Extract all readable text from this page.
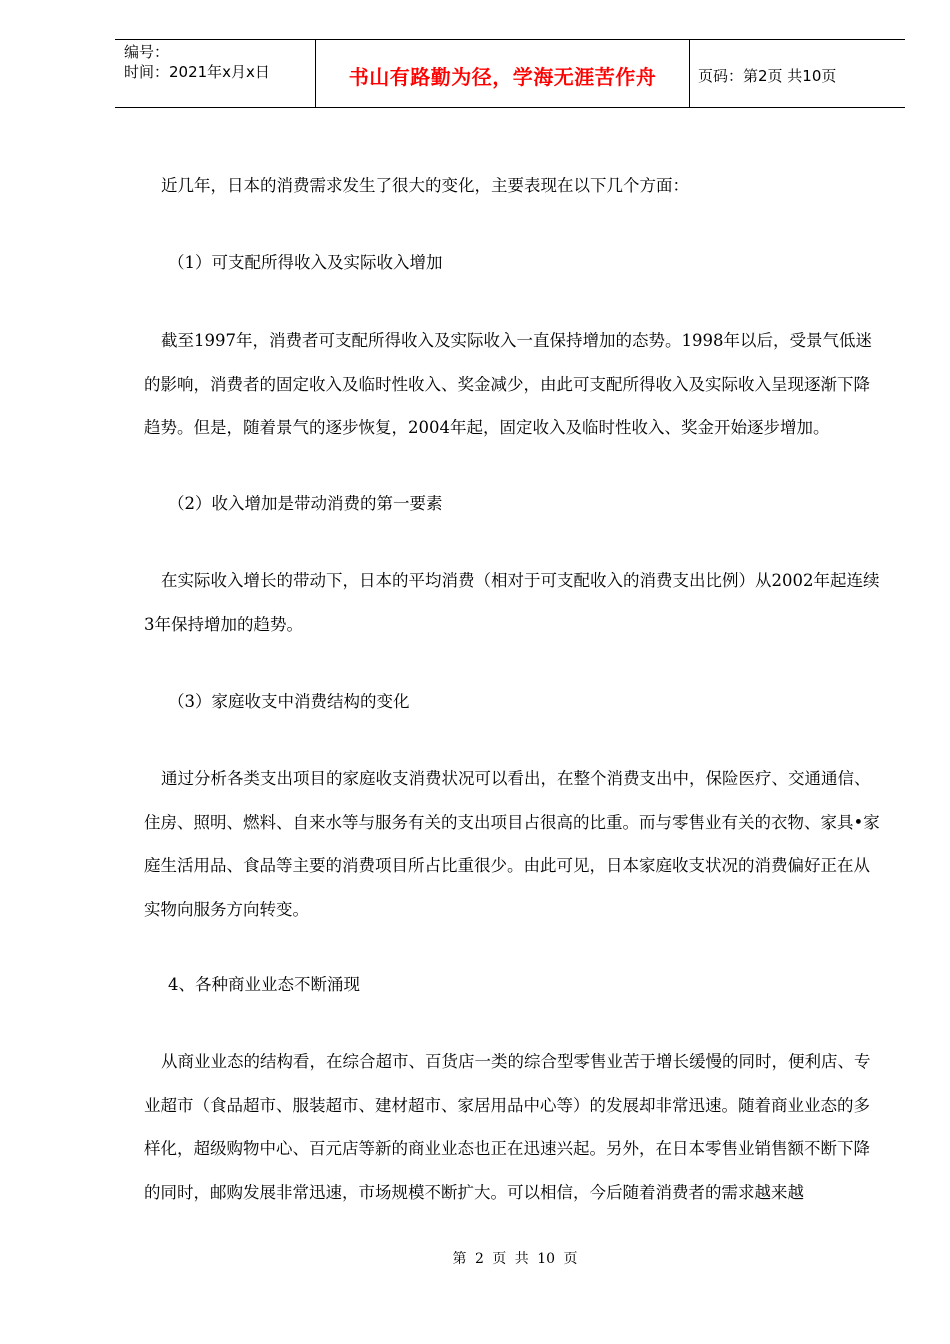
编号：
时间：2021年x月x日	书山有路勤为径，学海无涯苦作舟	页码：第2页 共10页

近几年，日本的消费需求发生了很大的变化，主要表现在以下几个方面：

（1）可支配所得收入及实际收入增加

截至1997年，消费者可支配所得收入及实际收入一直保持增加的态势。1998年以后，受景气低迷的影响，消费者的固定收入及临时性收入、奖金减少，由此可支配所得收入及实际收入呈现逐渐下降趋势。但是，随着景气的逐步恢复，2004年起，固定收入及临时性收入、奖金开始逐步增加。

（2）收入增加是带动消费的第一要素

在实际收入增长的带动下，日本的平均消费（相对于可支配收入的消费支出比例）从2002年起连续3年保持增加的趋势。

（3）家庭收支中消费结构的变化

通过分析各类支出项目的家庭收支消费状况可以看出，在整个消费支出中，保险医疗、交通通信、住房、照明、燃料、自来水等与服务有关的支出项目占很高的比重。而与零售业有关的衣物、家具•家庭生活用品、食品等主要的消费项目所占比重很少。由此可见，日本家庭收支状况的消费偏好正在从实物向服务方向转变。

4、各种商业业态不断涌现

从商业业态的结构看，在综合超市、百货店一类的综合型零售业苦于增长缓慢的同时，便利店、专业超市（食品超市、服装超市、建材超市、家居用品中心等）的发展却非常迅速。随着商业业态的多样化，超级购物中心、百元店等新的商业业态也正在迅速兴起。另外，在日本零售业销售额不断下降的同时，邮购发展非常迅速，市场规模不断扩大。可以相信，今后随着消费者的需求越来越

第 2 页 共 10 页
